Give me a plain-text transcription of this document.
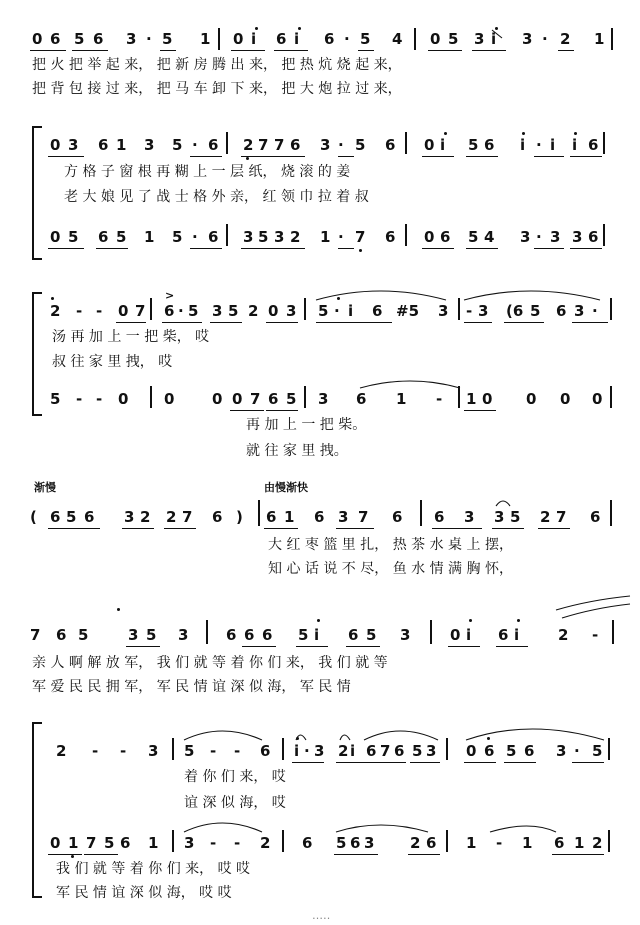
0 6 5 6 3 · 5 1 0 i 6 i 6 · 5 4 0 5 3 i 3 · 2 1
把 火 把 举 起 来， 把 新 房 腾 出 来， 把 热 炕 烧 起 来，
把 背 包 接 过 来， 把 马 车 卸 下 来， 把 大 炮 拉 过 来，
0 3 6 1 3 5 · 6 2 7 7 6 3 · 5 6 0 i 5 6 i · i i 6
方 格 子 窗 根 再 糊 上 一 层 纸， 烧 滚 的 姜
老 大 娘 见 了 战 士 格 外 亲， 红 领 巾 拉 着 叔
0 5 6 5 1 5 · 6 3 5 3 2 1 · 7 6 0 6 5 4 3 · 3 3 6
2 - - 0 7 6 · 5 3 5 2 0 3 5 · i 6 #5 3 - 3 (6 5 6 3 ·
>
汤 再 加 上 一 把 柴， 哎
叔 往 家 里 拽， 哎
5 - - 0 0	0 0 7 6 5 3 6 1 - 1 0 0 0 0
再 加 上 一 把 柴。
就 往 家 里 拽。
渐慢	由慢渐快
( 6 5 6 3 2 2 7 6 ) 6 1 6 3 7 6 6 3 3 5 2 7 6
大 红 枣 篮 里 扎， 热 茶 水 桌 上 摆，
知 心 话 说 不 尽， 鱼 水 情 满 胸 怀，
7 6 5	3 5 3	6 6 6 5 i 6 5 3	0 i 6 i	2 -
亲 人 啊 解 放 军， 我 们 就 等 着 你 们 来， 我 们 就 等
军 爱 民 民 拥 军， 军 民 情 谊 深 似 海， 军 民 情
2 - - 3 5 - - 6 i · 3 2 i 6 7 6 5 3 0 6 5 6 3 · 5
着 你 们 来， 哎
谊 深 似 海， 哎
0 1 7 5 6 1 3 - - 2 6 5 6 3 2 6 1 - 1 6 1 2
我 们 就 等 着 你 们 来， 哎 哎
军 民 情 谊 深 似 海， 哎 哎
…‥
